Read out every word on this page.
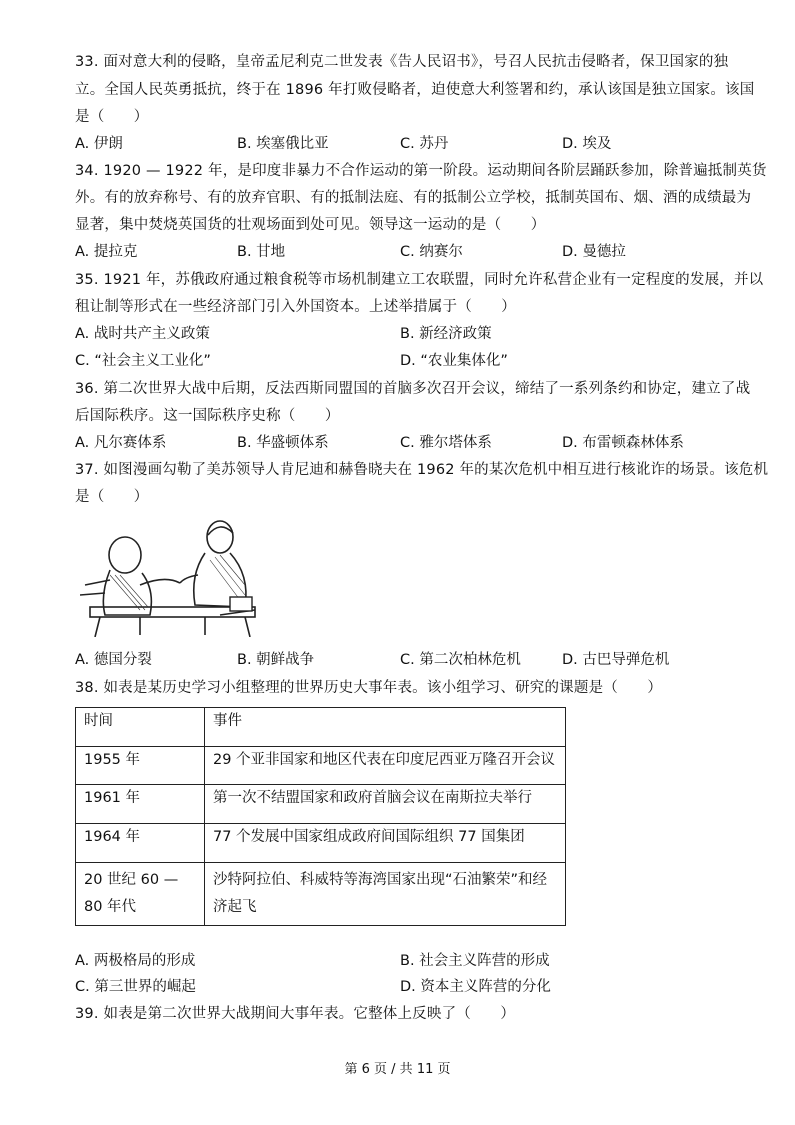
33. 面对意大利的侵略，皇帝孟尼利克二世发表《告人民诏书》，号召人民抗击侵略者，保卫国家的独
立。全国人民英勇抵抗，终于在 1896 年打败侵略者，迫使意大利签署和约，承认该国是独立国家。该国
是（　　）
A. 伊朗	B. 埃塞俄比亚	C. 苏丹	D. 埃及
34. 1920 — 1922 年，是印度非暴力不合作运动的第一阶段。运动期间各阶层踊跃参加，除普遍抵制英货
外。有的放弃称号、有的放弃官职、有的抵制法庭、有的抵制公立学校，抵制英国布、烟、酒的成绩最为
显著，集中焚烧英国货的壮观场面到处可见。领导这一运动的是（　　）
A. 提拉克	B. 甘地	C. 纳赛尔	D. 曼德拉
35. 1921 年，苏俄政府通过粮食税等市场机制建立工农联盟，同时允许私营企业有一定程度的发展，并以
租让制等形式在一些经济部门引入外国资本。上述举措属于（　　）
A. 战时共产主义政策	B. 新经济政策
C. “社会主义工业化”	D. “农业集体化”
36. 第二次世界大战中后期，反法西斯同盟国的首脑多次召开会议，缔结了一系列条约和协定，建立了战
后国际秩序。这一国际秩序史称（　　）
A. 凡尔赛体系	B. 华盛顿体系	C. 雅尔塔体系	D. 布雷顿森林体系
37. 如图漫画勾勒了美苏领导人肯尼迪和赫鲁晓夫在 1962 年的某次危机中相互进行核讹诈的场景。该危机
是（　　）
A. 德国分裂	B. 朝鲜战争	C. 第二次柏林危机	D. 古巴导弹危机
38. 如表是某历史学习小组整理的世界历史大事年表。该小组学习、研究的课题是（　　）
时间	事件
1955 年	29 个亚非国家和地区代表在印度尼西亚万隆召开会议
1961 年	第一次不结盟国家和政府首脑会议在南斯拉夫举行
1964 年	77 个发展中国家组成政府间国际组织 77 国集团
20 世纪 60 — 80 年代	沙特阿拉伯、科威特等海湾国家出现“石油繁荣”和经济起飞
A. 两极格局的形成	B. 社会主义阵营的形成
C. 第三世界的崛起	D. 资本主义阵营的分化
39. 如表是第二次世界大战期间大事年表。它整体上反映了（　　）
第 6 页 / 共 11 页
